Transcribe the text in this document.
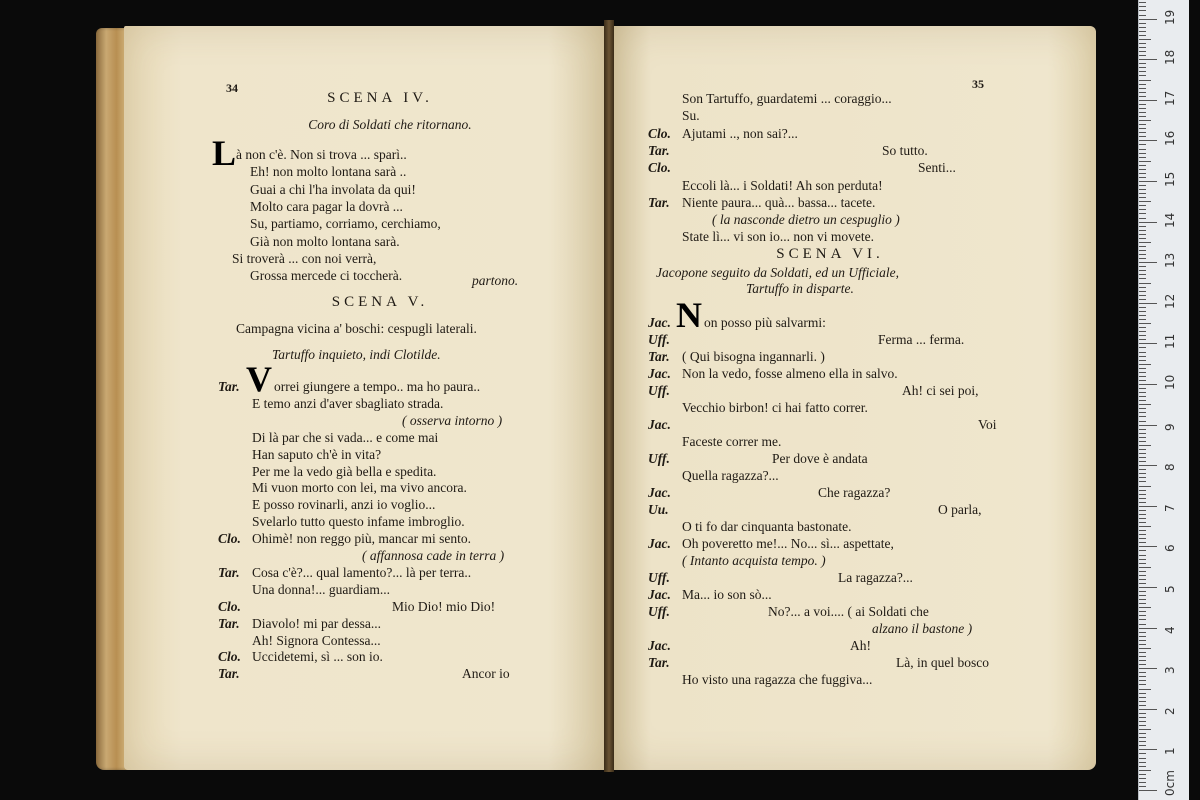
0cm
1
2
3
4
5
6
7
8
9
10
11
12
13
14
15
16
17
18
19
34
SCENA IV.
Coro di Soldati che ritornano.
L à non c'è. Non si trova ... sparì..
Eh! non molto lontana sarà ..
Guai a chi l'ha involata da qui!
Molto cara pagar la dovrà ...
Su, partiamo, corriamo, cerchiamo,
Già non molto lontana sarà.
Si troverà ... con noi verrà,
Grossa mercede ci toccherà.	partono.
SCENA V.
Campagna vicina a' boschi: cespugli laterali.
Tartuffo inquieto, indi Clotilde.
Tar. V orrei giungere a tempo.. ma ho paura..
E temo anzi d'aver sbagliato strada.
( osserva intorno )
Di là par che si vada... e come mai
Han saputo ch'è in vita?
Per me la vedo già bella e spedita.
Mi vuon morto con lei, ma vivo ancora.
E posso rovinarli, anzi io voglio...
Svelarlo tutto questo infame imbroglio.
Clo. Ohimè! non reggo più, mancar mi sento.
( affannosa cade in terra )
Tar. Cosa c'è?... qual lamento?... là per terra..
Una donna!... guardiam...
Clo.	Mio Dio! mio Dio!
Tar. Diavolo! mi par dessa...
Ah! Signora Contessa...
Clo. Uccidetemi, sì ... son io.
Tar.	Ancor io
35
Son Tartuffo, guardatemi ... coraggio...
Su.
Clo. Ajutami .., non sai?...
Tar.	So tutto.
Clo.	Senti...
Eccoli là... i Soldati! Ah son perduta!
Tar. Niente paura... quà... bassa... tacete.
( la nasconde dietro un cespuglio )
State lì... vi son io... non vi movete.
SCENA VI.
Jacopone seguito da Soldati, ed un Ufficiale,
Tartuffo in disparte.
Jac. N on posso più salvarmi:
Uff.	Ferma ... ferma.
Tar. ( Qui bisogna ingannarli. )
Jac. Non la vedo, fosse almeno ella in salvo.
Uff.	Ah! ci sei poi,
Vecchio birbon! ci hai fatto correr.
Jac.	Voi
Faceste correr me.
Uff.	Per dove è andata
Quella ragazza?...
Jac.	Che ragazza?
Uu.	O parla,
O ti fo dar cinquanta bastonate.
Jac. Oh poveretto me!... No... sì... aspettate,
( Intanto acquista tempo. )
Uff.	La ragazza?...
Jac. Ma... io son sò...
Uff.	No?... a voi.... ( ai Soldati che
alzano il bastone )
Jac.	Ah!
Tar.	Là, in quel bosco
Ho visto una ragazza che fuggiva...
